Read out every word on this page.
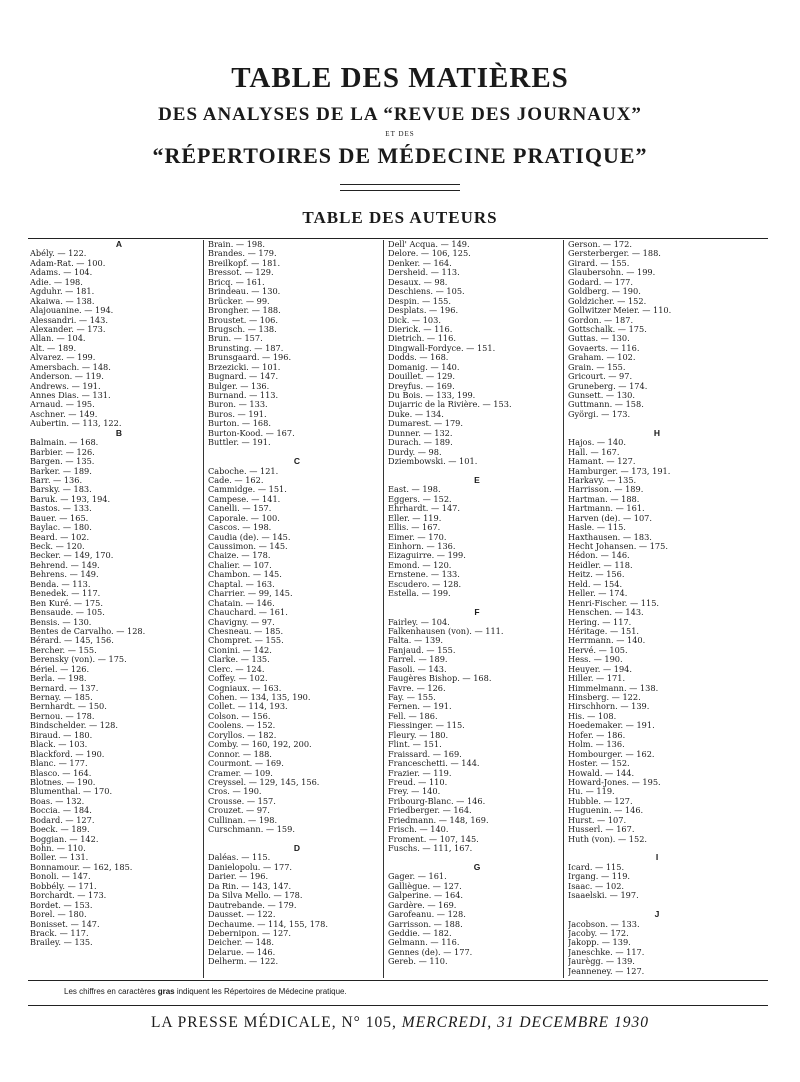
TABLE DES MATIÈRES
DES ANALYSES DE LA “REVUE DES JOURNAUX”
ET DES
“RÉPERTOIRES DE MÉDECINE PRATIQUE”
TABLE DES AUTEURS
A
Abély. — 122.
Adam-Rat. — 100.
Adams. — 104.
Adie. — 198.
Agduhr. — 181.
Akaiwa. — 138.
Alajouanine. — 194.
Alessandri. — 143.
Alexander. — 173.
Allan. — 104.
Alt. — 189.
Alvarez. — 199.
Amersbach. — 148.
Anderson. — 119.
Andrews. — 191.
Annes Dias. — 131.
Arnaud. — 195.
Aschner. — 149.
Aubertin. — 113, 122.
B
Balmain. — 168.
Barbier. — 126.
Bargen. — 135.
Barker. — 189.
Barr. — 136.
Barsky. — 183.
Baruk. — 193, 194.
Bastos. — 133.
Bauer. — 165.
Baylac. — 180.
Beard. — 102.
Beck. — 120.
Becker. — 149, 170.
Behrend. — 149.
Behrens. — 149.
Benda. — 113.
Benedek. — 117.
Ben Kuré. — 175.
Bensaude. — 105.
Bensis. — 130.
Bentes de Carvalho. — 128.
Bérard. — 145, 156.
Bercher. — 155.
Berensky (von). — 175.
Bériel. — 126.
Berla. — 198.
Bernard. — 137.
Bernay. — 185.
Bernhardt. — 150.
Bernou. — 178.
Bindschelder. — 128.
Biraud. — 180.
Black. — 103.
Blackford. — 190.
Blanc. — 177.
Blasco. — 164.
Blotnes. — 190.
Blumenthal. — 170.
Boas. — 132.
Boccia. — 184.
Bodard. — 127.
Boeck. — 189.
Boggian. — 142.
Bohn. — 110.
Boller. — 131.
Bonnamour. — 162, 185.
Bonoli. — 147.
Bobbély. — 171.
Borchardt. — 173.
Bordet. — 153.
Borel. — 180.
Bonisset. — 147.
Brack. — 117.
Brailey. — 135.
Brain. — 198.
Brandes. — 179.
Breilkopf. — 181.
Bressot. — 129.
Bricq. — 161.
Brindeau. — 130.
Brücker. — 99.
Brongher. — 188.
Broustet. — 106.
Brugsch. — 138.
Brun. — 157.
Brunsting. — 187.
Brunsgaard. — 196.
Brzezicki. — 101.
Bugnard. — 147.
Bulger. — 136.
Burnand. — 113.
Buron. — 133.
Buros. — 191.
Burton. — 168.
Burton-Kood. — 167.
Buttler. — 191.
C
Caboche. — 121.
Cade. — 162.
Cammidge. — 151.
Campese. — 141.
Canelli. — 157.
Caporale. — 100.
Cascos. — 198.
Caudia (de). — 145.
Caussimon. — 145.
Chaize. — 178.
Chalier. — 107.
Chambon. — 145.
Chaptal. — 163.
Charrier. — 99, 145.
Chatain. — 146.
Chauchard. — 161.
Chavigny. — 97.
Chesneau. — 185.
Chompret. — 155.
Cionini. — 142.
Clarke. — 135.
Clerc. — 124.
Coffey. — 102.
Cogniaux. — 163.
Cohen. — 134, 135, 190.
Collet. — 114, 193.
Colson. — 156.
Coolens. — 152.
Coryllos. — 182.
Comby. — 160, 192, 200.
Connor. — 188.
Courmont. — 169.
Cramer. — 109.
Creyssel. — 129, 145, 156.
Cros. — 190.
Crousse. — 157.
Crouzet. — 97.
Cullinan. — 198.
Curschmann. — 159.
D
Daléas. — 115.
Danielopolu. — 177.
Darier. — 196.
Da Rin. — 143, 147.
Da Silva Mello. — 178.
Dautrebande. — 179.
Dausset. — 122.
Dechaume. — 114, 155, 178.
Debernipon. — 127.
Deicher. — 148.
Delarue. — 146.
Delherm. — 122.
Dell' Acqua. — 149.
Delore. — 106, 125.
Denker. — 164.
Dersheid. — 113.
Desaux. — 98.
Deschiens. — 105.
Despin. — 155.
Desplats. — 196.
Dick. — 103.
Dierick. — 116.
Dietrich. — 116.
Dingwall-Fordyce. — 151.
Dodds. — 168.
Domanig. — 140.
Douillet. — 129.
Dreyfus. — 169.
Du Bois. — 133, 199.
Dujarric de la Rivière. — 153.
Duke. — 134.
Dumarest. — 179.
Dunner. — 132.
Durach. — 189.
Durdy. — 98.
Dziembowski. — 101.
E
East. — 198.
Eggers. — 152.
Ehrhardt. — 147.
Eller. — 119.
Ellis. — 167.
Eimer. — 170.
Einhorn. — 136.
Eizaguirre. — 199.
Emond. — 120.
Ernstene. — 133.
Escudero. — 128.
Estella. — 199.
F
Fairley. — 104.
Falkenhausen (von). — 111.
Falta. — 139.
Fanjaud. — 155.
Farrel. — 189.
Fasoli. — 143.
Faugères Bishop. — 168.
Favre. — 126.
Fay. — 155.
Fernen. — 191.
Fell. — 186.
Fiessinger. — 115.
Fleury. — 180.
Flint. — 151.
Fraissard. — 169.
Franceschetti. — 144.
Frazier. — 119.
Freud. — 110.
Frey. — 140.
Fribourg-Blanc. — 146.
Friedberger. — 164.
Friedmann. — 148, 169.
Frisch. — 140.
Froment. — 107, 145.
Fuschs. — 111, 167.
G
Gager. — 161.
Galliègue. — 127.
Galperine. — 164.
Gardère. — 169.
Garofeanu. — 128.
Garrisson. — 188.
Geddie. — 182.
Gelmann. — 116.
Gennes (de). — 177.
Gereb. — 110.
Gerson. — 172.
Gersterberger. — 188.
Girard. — 155.
Glaubersohn. — 199.
Godard. — 177.
Goldberg. — 190.
Goldzicher. — 152.
Gollwitzer Meier. — 110.
Gordon. — 187.
Gottschalk. — 175.
Guttas. — 130.
Govaerts. — 116.
Graham. — 102.
Grain. — 155.
Gricourt. — 97.
Gruneberg. — 174.
Gunsett. — 130.
Guttmann. — 158.
Györgi. — 173.
H
Hajos. — 140.
Hall. — 167.
Hamant. — 127.
Hamburger. — 173, 191.
Harkavy. — 135.
Harrisson. — 189.
Hartman. — 188.
Hartmann. — 161.
Harven (de). — 107.
Hasle. — 115.
Haxthausen. — 183.
Hecht Johansen. — 175.
Hédon. — 146.
Heidler. — 118.
Heitz. — 156.
Held. — 154.
Heller. — 174.
Henri-Fischer. — 115.
Henschen. — 143.
Hering. — 117.
Héritage. — 151.
Herrmann. — 140.
Hervé. — 105.
Hess. — 190.
Heuyer. — 194.
Hiller. — 171.
Himmelmann. — 138.
Hinsberg. — 122.
Hirschhorn. — 139.
His. — 108.
Hoedemaker. — 191.
Hofer. — 186.
Holm. — 136.
Hombourger. — 162.
Hoster. — 152.
Howald. — 144.
Howard-Jones. — 195.
Hu. — 119.
Hubble. — 127.
Huguenin. — 146.
Hurst. — 107.
Husserl. — 167.
Huth (von). — 152.
I
Icard. — 115.
Irgang. — 119.
Isaac. — 102.
Isaaelski. — 197.
J
Jacobson. — 133.
Jacoby. — 172.
Jakopp. — 139.
Janeschke. — 117.
Jaurègg. — 139.
Jeanneney. — 127.
Les chiffres en caractères gras indiquent les Répertoires de Médecine pratique.
LA PRESSE MÉDICALE, N° 105, MERCREDI, 31 DECEMBRE 1930
